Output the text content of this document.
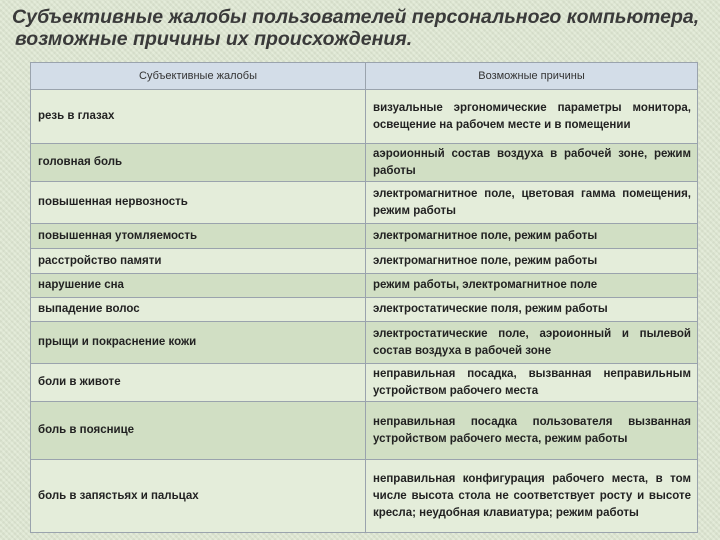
Субъективные жалобы пользователей персонального компьютера,
возможные причины их происхождения.
Субъективные жалобы	Возможные причины
резь в глазах	визуальные эргономические параметры монитора, освещение на рабочем месте и в помещении
головная боль	аэроионный состав воздуха в рабочей зоне, режим работы
повышенная нервозность	электромагнитное поле, цветовая гамма помещения, режим работы
повышенная утомляемость	электромагнитное поле, режим работы
расстройство памяти	электромагнитное поле, режим работы
нарушение сна	режим работы, электромагнитное поле
выпадение волос	электростатические поля, режим работы
прыщи и покраснение кожи	электростатические поле, аэроионный и пылевой состав воздуха в рабочей зоне
боли в животе	неправильная посадка, вызванная неправильным устройством рабочего места
боль в пояснице	неправильная посадка пользователя вызванная устройством рабочего места, режим работы
боль в запястьях и пальцах	неправильная конфигурация рабочего места, в том числе высота стола не соответствует росту и высоте кресла; неудобная клавиатура; режим работы
